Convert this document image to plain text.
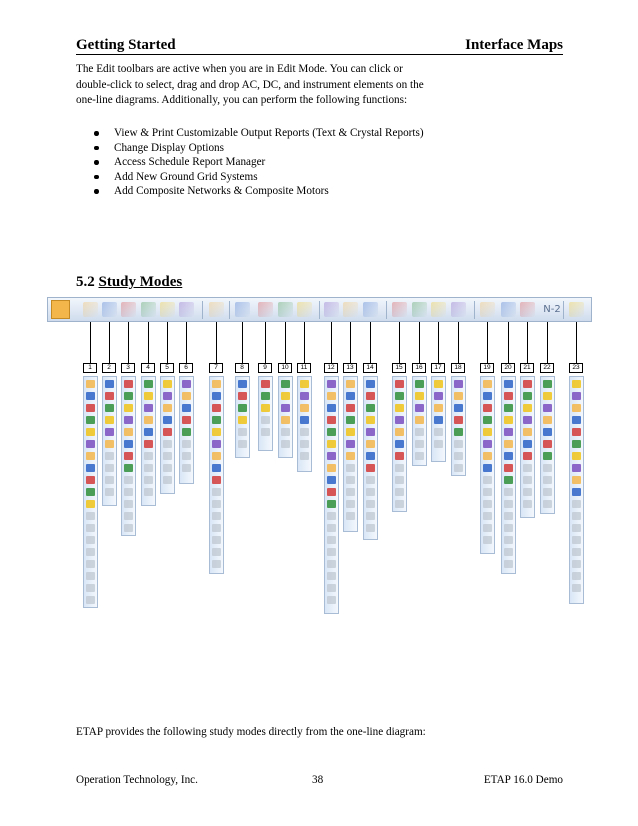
Getting Started	Interface Maps
The Edit toolbars are active when you are in Edit Mode. You can click or double-click to select, drag and drop AC, DC, and instrument elements on the one-line diagrams. Additionally, you can perform the following functions:
View & Print Customizable Output Reports (Text & Crystal Reports)
Change Display Options
Access Schedule Report Manager
Add New Ground Grid Systems
Add Composite Networks & Composite Motors
5.2 Study Modes
N-2
1	2	3	4	5	6	7	8	9	10	11	12	13	14	15	16	17	18	19	20	21	22	23
ETAP provides the following study modes directly from the one-line diagram:
Operation Technology, Inc.	38	ETAP 16.0 Demo
